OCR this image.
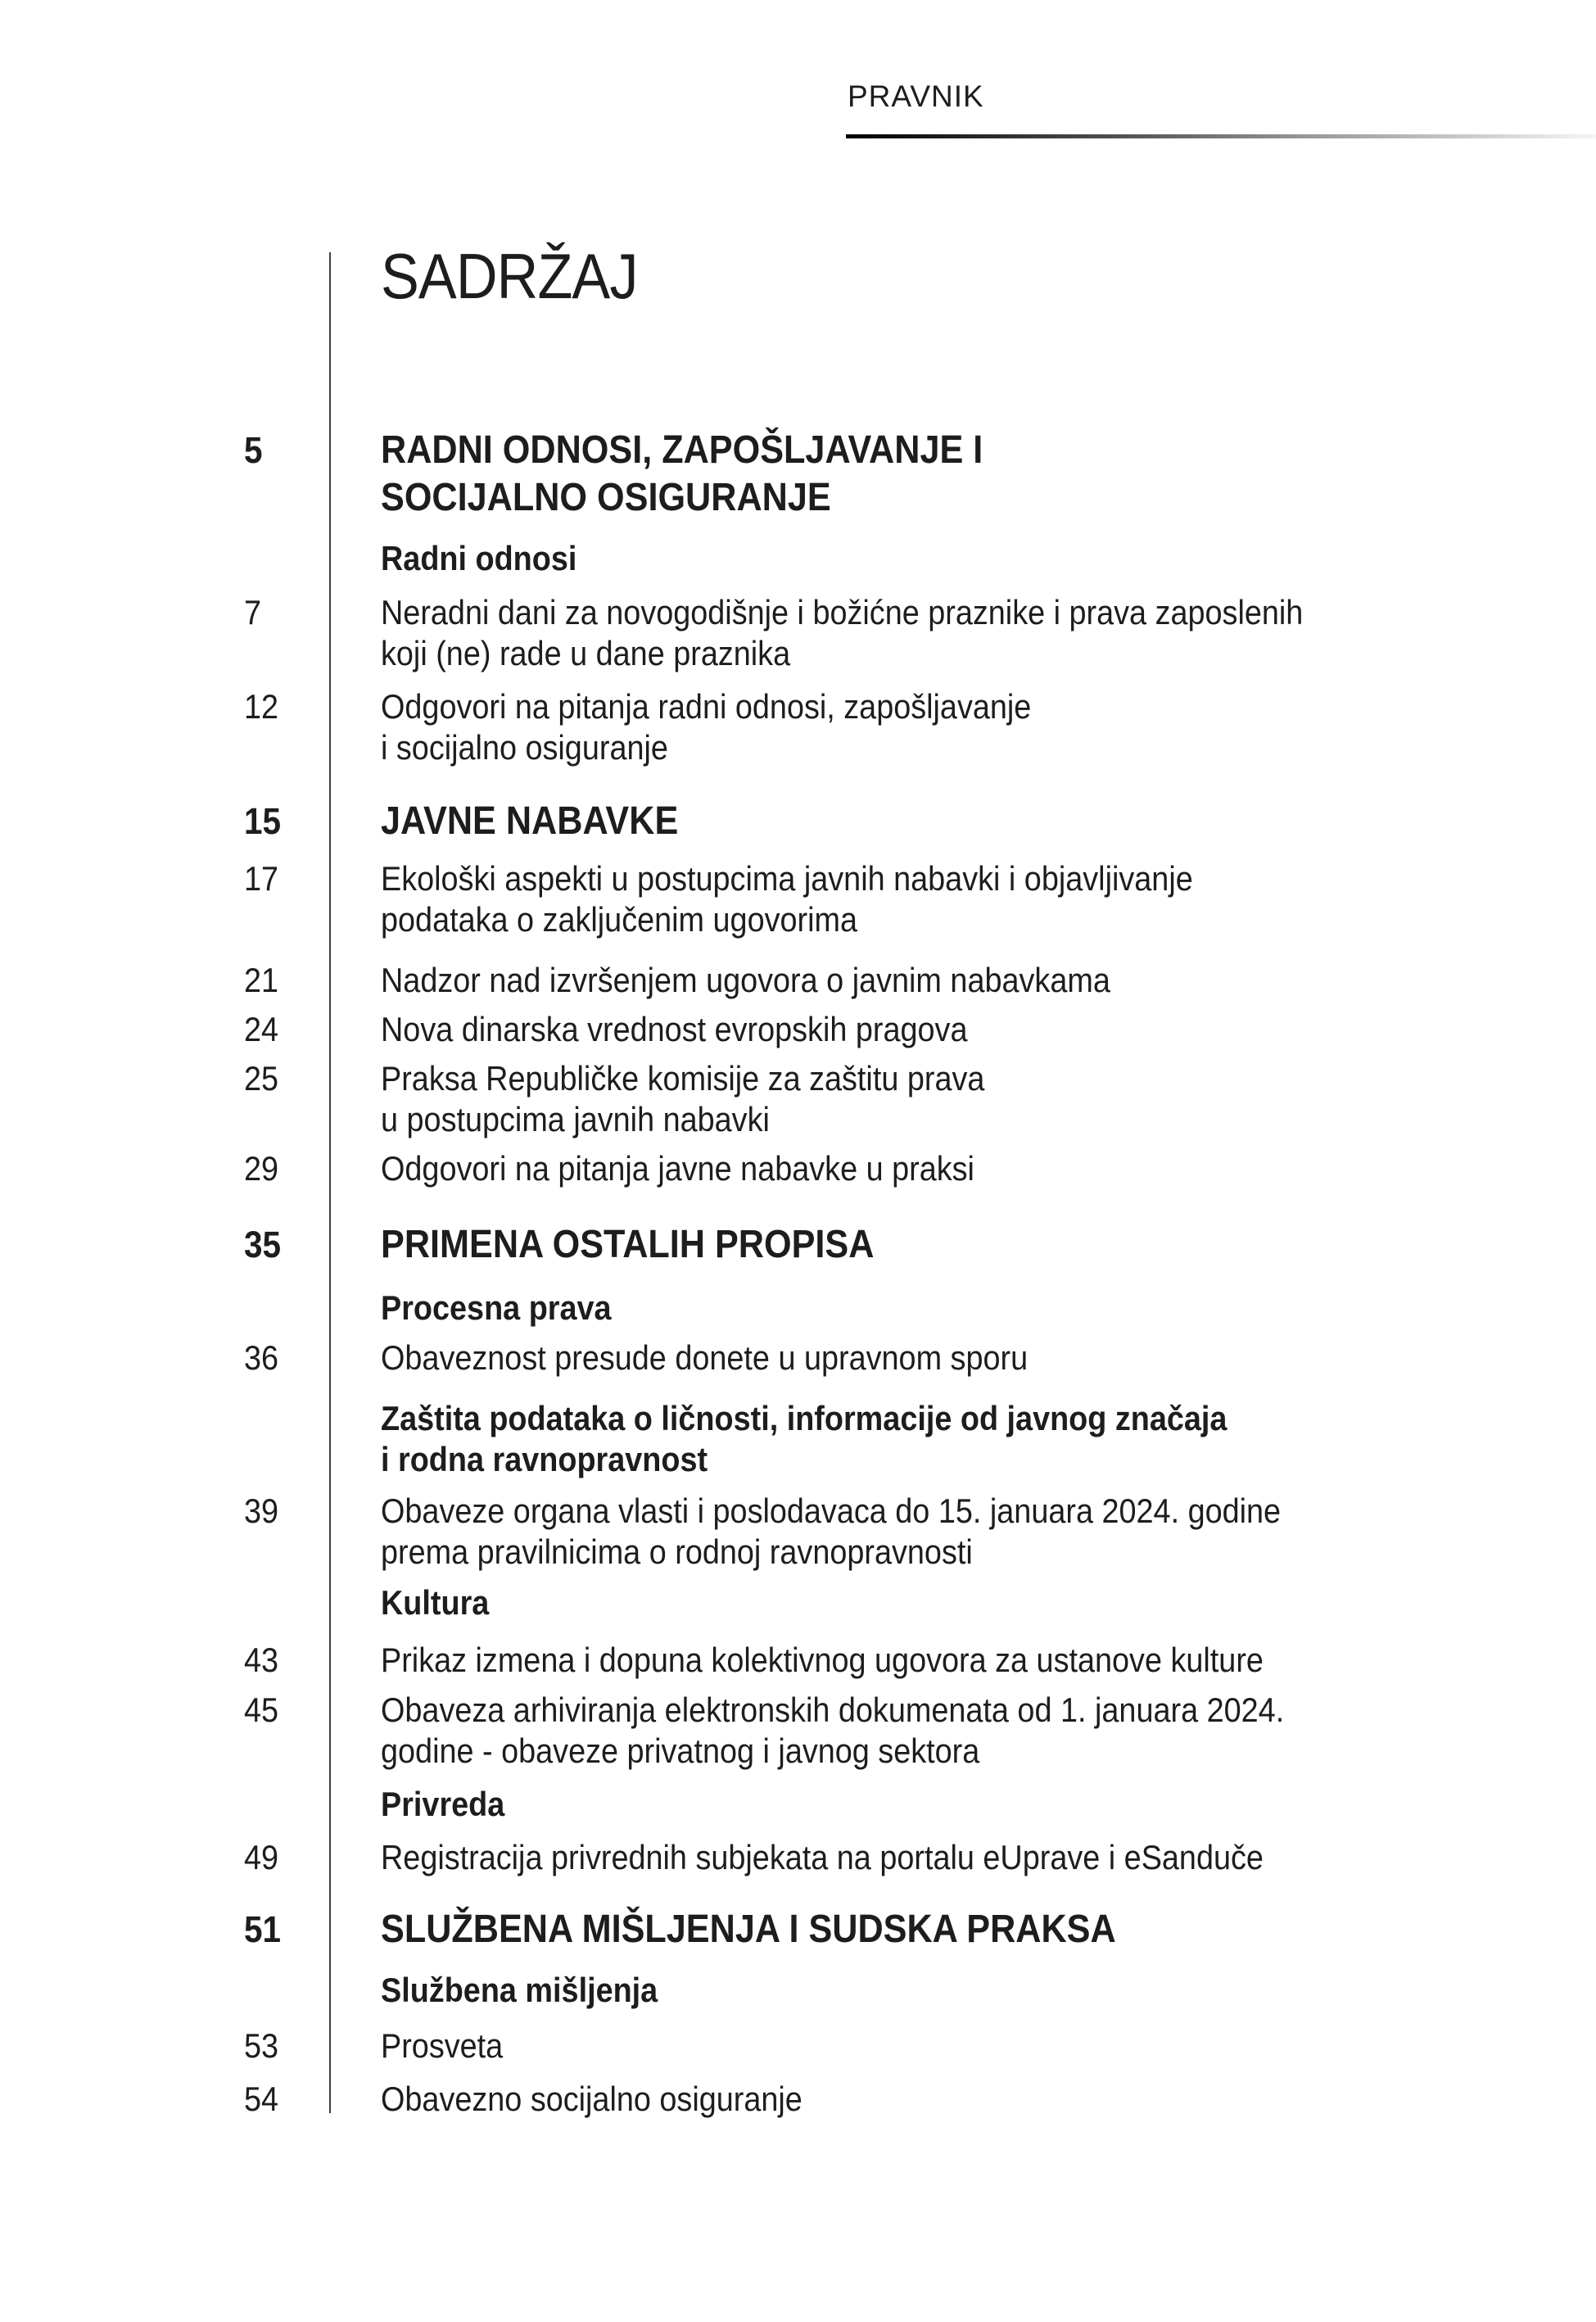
PRAVNIK
SADRŽAJ
5	RADNI ODNOSI, ZAPOŠLJAVANJE I
SOCIJALNO OSIGURANJE
Radni odnosi
7	Neradni dani za novogodišnje i božićne praznike i prava zaposlenih
koji (ne) rade u dane praznika
12	Odgovori na pitanja radni odnosi, zapošljavanje
i socijalno osiguranje
15	JAVNE NABAVKE
17	Ekološki aspekti u postupcima javnih nabavki i objavljivanje
podataka o zaključenim ugovorima
21	Nadzor nad izvršenjem ugovora o javnim nabavkama
24	Nova dinarska vrednost evropskih pragova
25	Praksa Republičke komisije za zaštitu prava
u postupcima javnih nabavki
29	Odgovori na pitanja javne nabavke u praksi
35	PRIMENA OSTALIH PROPISA
Procesna prava
36	Obaveznost presude donete u upravnom sporu
Zaštita podataka o ličnosti, informacije od javnog značaja
i rodna ravnopravnost
39	Obaveze organa vlasti i poslodavaca do 15. januara 2024. godine
prema pravilnicima o rodnoj ravnopravnosti
Kultura
43	Prikaz izmena i dopuna kolektivnog ugovora za ustanove kulture
45	Obaveza arhiviranja elektronskih dokumenata od 1. januara 2024.
godine - obaveze privatnog i javnog sektora
Privreda
49	Registracija privrednih subjekata na portalu eUprave i eSanduče
51	SLUŽBENA MIŠLJENJA I SUDSKA PRAKSA
Službena mišljenja
53	Prosveta
54	Obavezno socijalno osiguranje
